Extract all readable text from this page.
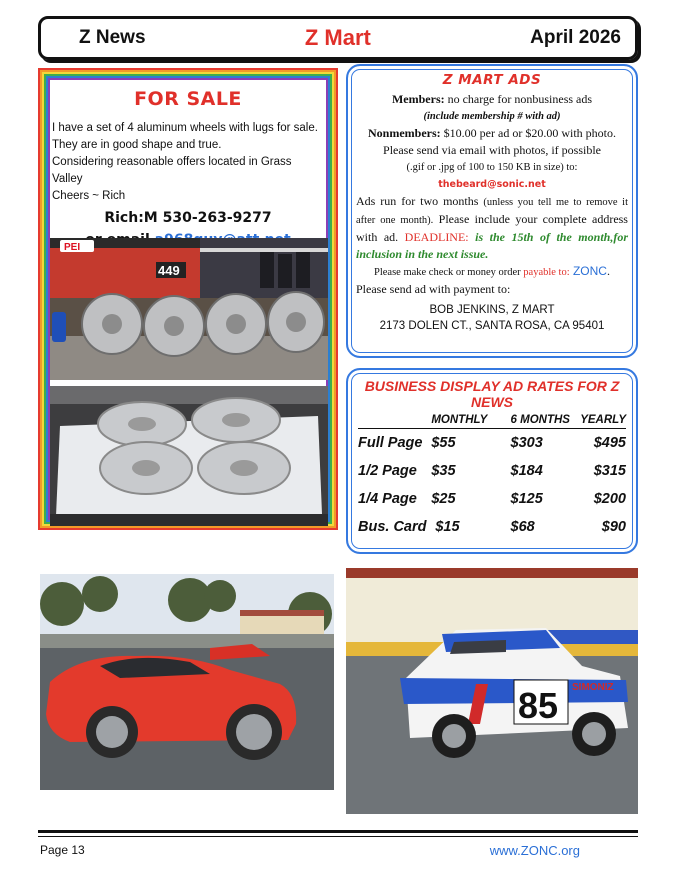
Z News	Z Mart	April 2026
FOR SALE

I have a set of 4 aluminum wheels with lugs for sale.

They are in good shape and true.

Considering reasonable offers located in Grass Valley

Cheers ~ Rich

Rich:M 530-263-9277
PEI
449
Z MART ADS
Members: no charge for nonbusiness ads
(include membership # with ad)
Nonmembers: $10.00 per ad or $20.00 with photo.
Please send via email with photos, if possible
(.gif or .jpg of 100 to 150 KB in size) to:
thebeard@sonic.net
Ads run for two months (unless you tell me to remove it after one month). Please include your complete address with ad. DEADLINE: is the 15th of the month,for inclusion in the next issue.
Please make check or money order payable to: ZONC.
Please send ad with payment to:
BOB JENKINS, Z MART
2173 DOLEN CT., SANTA ROSA, CA 95401
BUSINESS DISPLAY AD RATES FOR Z NEWS
	MONTHLY	6 MONTHS	YEARLY
Full Page	$55	$303	$495
1/2 Page	$35	$184	$315
1/4 Page	$25	$125	$200
Bus. Card	$15	$68	$90
85 SIMONIZ
Page 13	www.ZONC.org
